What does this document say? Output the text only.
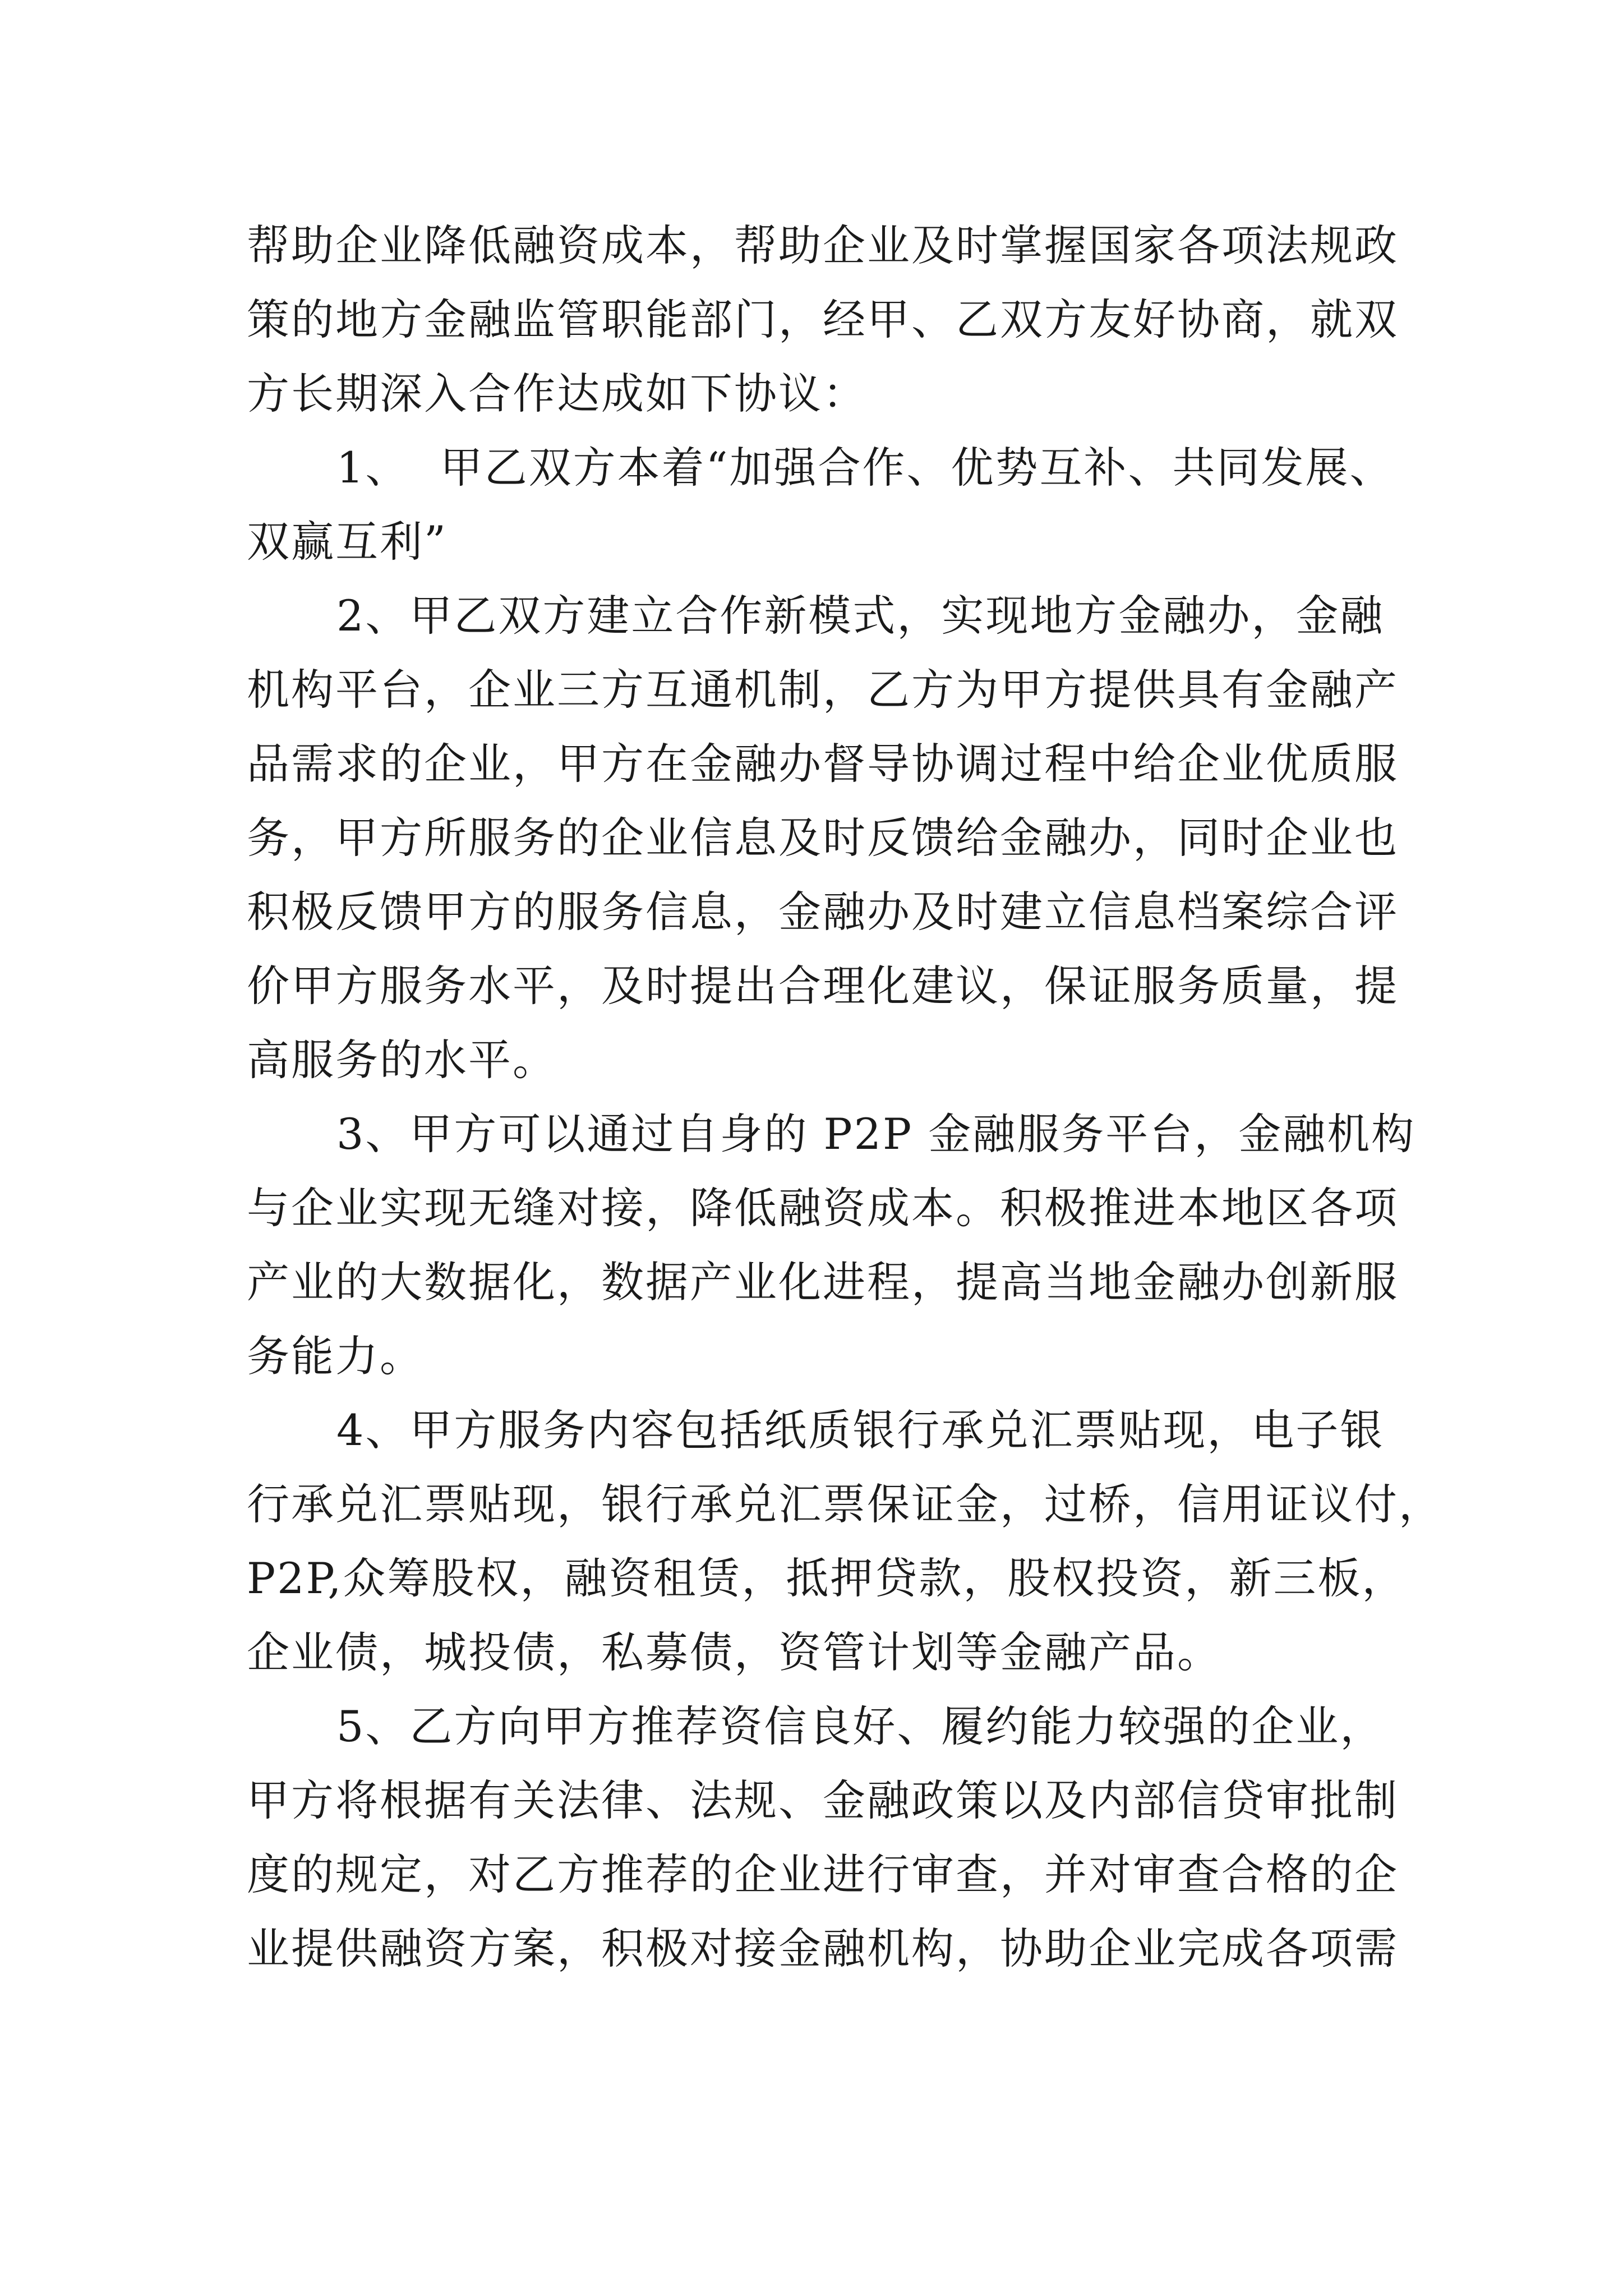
帮助企业降低融资成本，帮助企业及时掌握国家各项法规政
策的地方金融监管职能部门，经甲、乙双方友好协商，就双
方长期深入合作达成如下协议：
1、  甲乙双方本着“加强合作、优势互补、共同发展、
双赢互利”
2、甲乙双方建立合作新模式，实现地方金融办，金融
机构平台，企业三方互通机制，乙方为甲方提供具有金融产
品需求的企业，甲方在金融办督导协调过程中给企业优质服
务，甲方所服务的企业信息及时反馈给金融办，同时企业也
积极反馈甲方的服务信息，金融办及时建立信息档案综合评
价甲方服务水平，及时提出合理化建议，保证服务质量，提
高服务的水平。
3、甲方可以通过自身的 P2P 金融服务平台，金融机构
与企业实现无缝对接，降低融资成本。积极推进本地区各项
产业的大数据化，数据产业化进程，提高当地金融办创新服
务能力。
4、甲方服务内容包括纸质银行承兑汇票贴现，电子银
行承兑汇票贴现，银行承兑汇票保证金，过桥，信用证议付，
P2P,众筹股权，融资租赁，抵押贷款，股权投资，新三板，
企业债，城投债，私募债，资管计划等金融产品。
5、乙方向甲方推荐资信良好、履约能力较强的企业，
甲方将根据有关法律、法规、金融政策以及内部信贷审批制
度的规定，对乙方推荐的企业进行审查，并对审查合格的企
业提供融资方案，积极对接金融机构，协助企业完成各项需
